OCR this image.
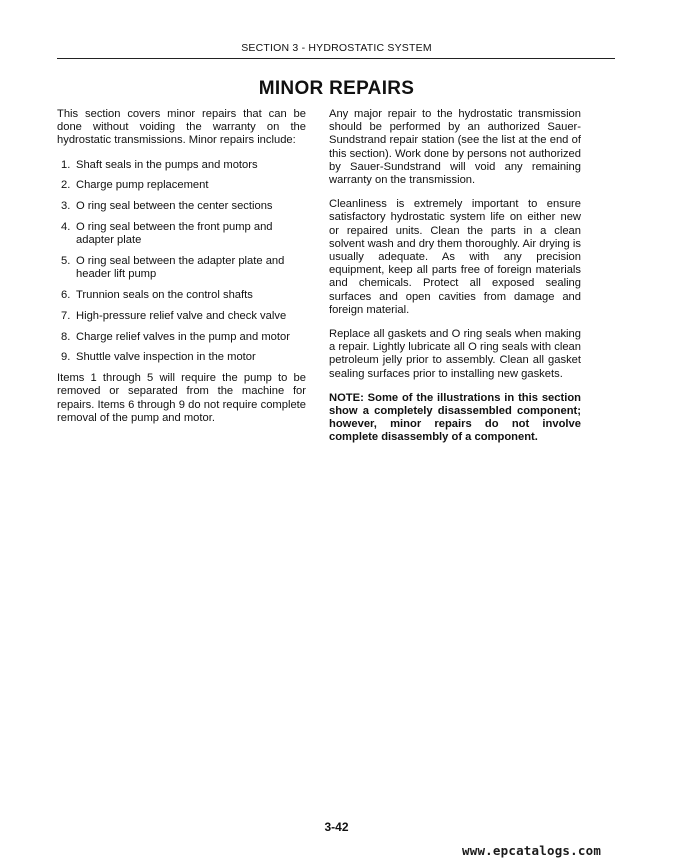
SECTION 3 - HYDROSTATIC SYSTEM
MINOR REPAIRS

This section covers minor repairs that can be done without voiding the warranty on the hydrostatic transmissions. Minor repairs include:

1. Shaft seals in the pumps and motors
2. Charge pump replacement
3. O ring seal between the center sections
4. O ring seal between the front pump and adapter plate
5. O ring seal between the adapter plate and header lift pump
6. Trunnion seals on the control shafts
7. High-pressure relief valve and check valve
8. Charge relief valves in the pump and motor
9. Shuttle valve inspection in the motor

Items 1 through 5 will require the pump to be removed or separated from the machine for repairs. Items 6 through 9 do not require complete removal of the pump and motor.

Any major repair to the hydrostatic transmission should be performed by an authorized Sauer-Sundstrand repair station (see the list at the end of this section). Work done by persons not authorized by Sauer-Sundstrand will void any remaining warranty on the transmission.

Cleanliness is extremely important to ensure satisfactory hydrostatic system life on either new or repaired units. Clean the parts in a clean solvent wash and dry them thoroughly. Air drying is usually adequate. As with any precision equipment, keep all parts free of foreign materials and chemicals. Protect all exposed sealing surfaces and open cavities from damage and foreign material.

Replace all gaskets and O ring seals when making a repair. Lightly lubricate all O ring seals with clean petroleum jelly prior to assembly. Clean all gasket sealing surfaces prior to installing new gaskets.

NOTE: Some of the illustrations in this section show a completely disassembled component; however, minor repairs do not involve complete disassembly of a component.

3-42
www.epcatalogs.com
